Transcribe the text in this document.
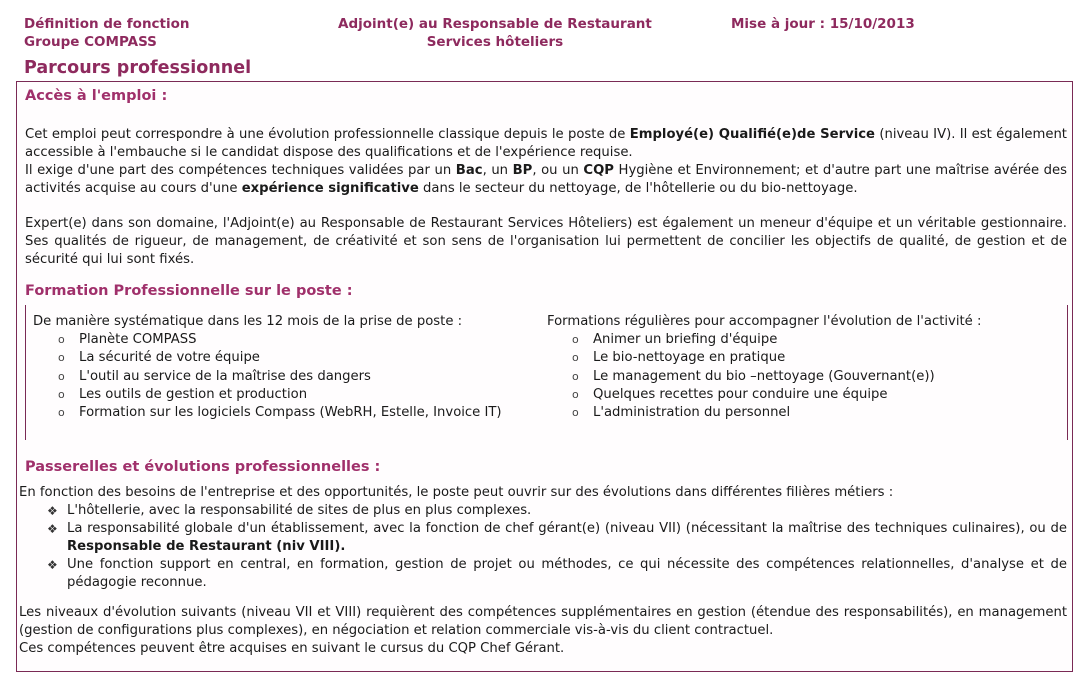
Définition de fonction
Groupe COMPASS
Adjoint(e) au Responsable de Restaurant
Services hôteliers
Mise à jour : 15/10/2013
Parcours professionnel
Accès à l'emploi :
Cet emploi peut correspondre à une évolution professionnelle classique depuis le poste de Employé(e) Qualifié(e)de Service (niveau IV). Il est également accessible à l'embauche si le candidat dispose des qualifications et de l'expérience requise.
Il exige d'une part des compétences techniques validées par un Bac, un BP, ou un CQP Hygiène et Environnement; et d'autre part une maîtrise avérée des activités acquise au cours d'une expérience significative dans le secteur du nettoyage, de l'hôtellerie ou du bio-nettoyage.
Expert(e) dans son domaine, l'Adjoint(e) au Responsable de Restaurant Services Hôteliers) est également un meneur d'équipe et un véritable gestionnaire. Ses qualités de rigueur, de management, de créativité et son sens de l'organisation lui permettent de concilier les objectifs de qualité, de gestion et de sécurité qui lui sont fixés.
Formation Professionnelle sur le poste :
De manière systématique dans les 12 mois de la prise de poste :
o Planète COMPASS
o La sécurité de votre équipe
o L'outil au service de la maîtrise des dangers
o Les outils de gestion et production
o Formation sur les logiciels Compass (WebRH, Estelle, Invoice IT)
Formations régulières pour accompagner l'évolution de l'activité :
o Animer un briefing d'équipe
o Le bio-nettoyage en pratique
o Le management du bio –nettoyage (Gouvernant(e))
o Quelques recettes pour conduire une équipe
o L'administration du personnel
Passerelles et évolutions professionnelles :
En fonction des besoins de l'entreprise et des opportunités, le poste peut ouvrir sur des évolutions dans différentes filières métiers :
❖ L'hôtellerie, avec la responsabilité de sites de plus en plus complexes.
❖ La responsabilité globale d'un établissement, avec la fonction de chef gérant(e) (niveau VII) (nécessitant la maîtrise des techniques culinaires), ou de Responsable de Restaurant (niv VIII).
❖ Une fonction support en central, en formation, gestion de projet ou méthodes, ce qui nécessite des compétences relationnelles, d'analyse et de pédagogie reconnue.
Les niveaux d'évolution suivants (niveau VII et VIII) requièrent des compétences supplémentaires en gestion (étendue des responsabilités), en management (gestion de configurations plus complexes), en négociation et relation commerciale vis-à-vis du client contractuel.
Ces compétences peuvent être acquises en suivant le cursus du CQP Chef Gérant.
